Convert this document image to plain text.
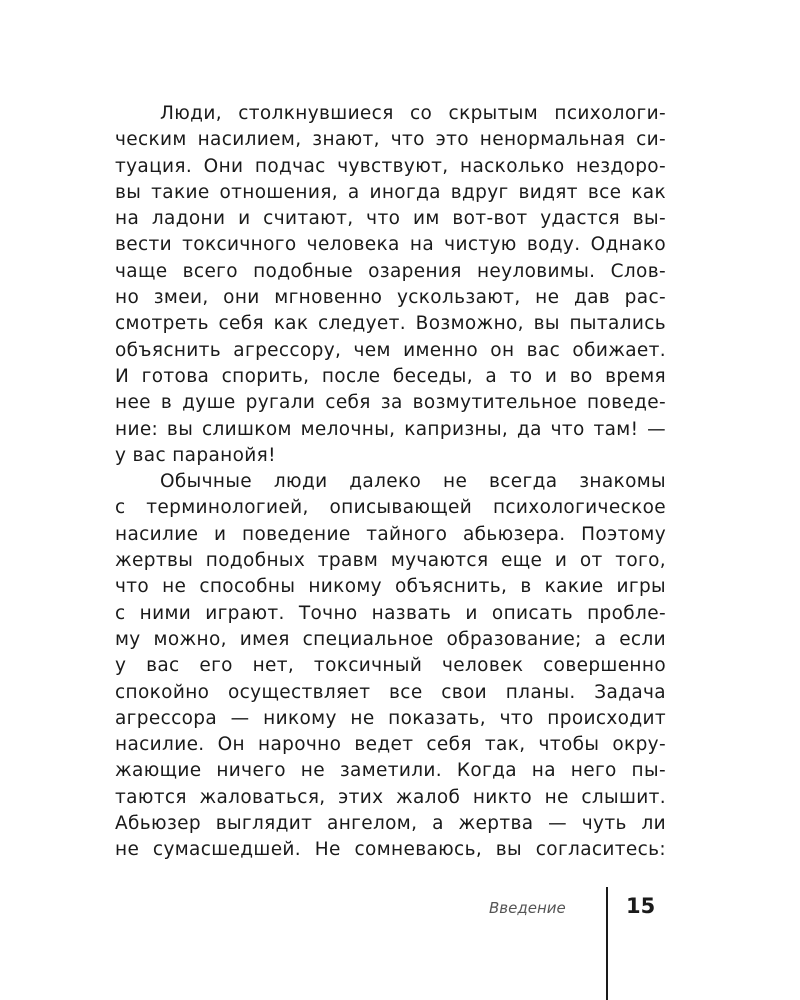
Люди, столкнувшиеся со скрытым психологи-
ческим насилием, знают, что это ненормальная си-
туация. Они подчас чувствуют, насколько нездоро-
вы такие отношения, а иногда вдруг видят все как
на ладони и считают, что им вот-вот удастся вы-
вести токсичного человека на чистую воду. Однако
чаще всего подобные озарения неуловимы. Слов-
но змеи, они мгновенно ускользают, не дав рас-
смотреть себя как следует. Возможно, вы пытались
объяснить агрессору, чем именно он вас обижает.
И готова спорить, после беседы, а то и во время
нее в душе ругали себя за возмутительное поведе-
ние: вы слишком мелочны, капризны, да что там! —
у вас паранойя!
Обычные люди далеко не всегда знакомы
с терминологией, описывающей психологическое
насилие и поведение тайного абьюзера. Поэтому
жертвы подобных травм мучаются еще и от того,
что не способны никому объяснить, в какие игры
с ними играют. Точно назвать и описать пробле-
му можно, имея специальное образование; а если
у вас его нет, токсичный человек совершенно
спокойно осуществляет все свои планы. Задача
агрессора — никому не показать, что происходит
насилие. Он нарочно ведет себя так, чтобы окру-
жающие ничего не заметили. Когда на него пы-
таются жаловаться, этих жалоб никто не слышит.
Абьюзер выглядит ангелом, а жертва — чуть ли
не сумасшедшей. Не сомневаюсь, вы согласитесь:
Введение	15
